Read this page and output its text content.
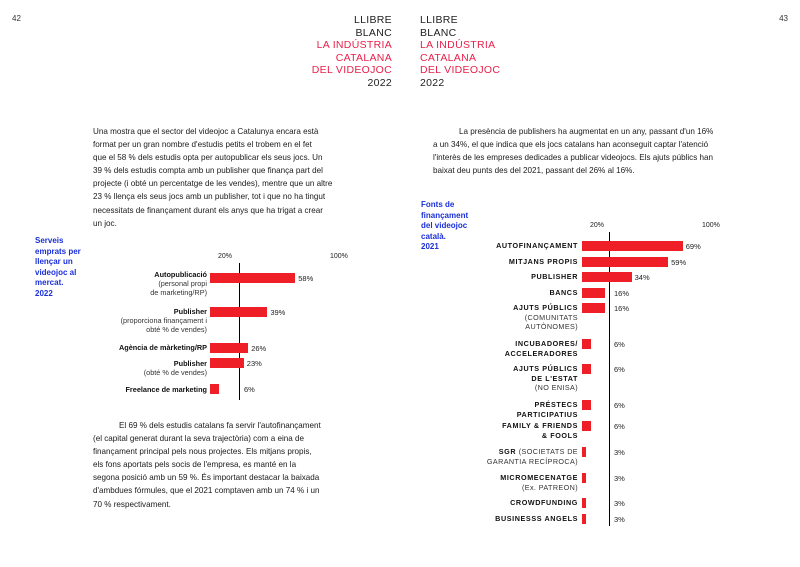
42	43
LLIBRE
BLANC
LA INDÚSTRIA
CATALANA
DEL VIDEOJOC
2022
LLIBRE
BLANC
LA INDÚSTRIA
CATALANA
DEL VIDEOJOC
2022
Una mostra que el sector del videojoc a Catalunya encara està
format per un gran nombre d'estudis petits el trobem en el fet
que el 58 % dels estudis opta per autopublicar els seus jocs. Un
39 % dels estudis compta amb un publisher que finança part del
projecte (i obté un percentatge de les vendes), mentre que un altre
23 % llença els seus jocs amb un publisher, tot i que no ha tingut
necessitats de finançament durant els anys que ha trigat a crear
un joc.
El 69 % dels estudis catalans fa servir l'autofinançament
(el capital generat durant la seva trajectòria) com a eina de
finançament principal pels nous projectes. Els mitjans propis,
els fons aportats pels socis de l'empresa, es manté en la
segona posició amb un 59 %. És important destacar la baixada
d'ambdues fórmules, que el 2021 comptaven amb un 74 % i un
70 % respectivament.
La presència de publishers ha augmentat en un any, passant d'un 16%
a un 34%, el que indica que els jocs catalans han aconseguit captar l'atenció
l'interès de les empreses dedicades a publicar videojocs. Els ajuts públics han
baixat deu punts des del 2021, passant del 26% al 16%.
Serveis
emprats per
llençar un
videojoc al
mercat.
2022
20%	100%
Autopublicació
(personal propi
de marketing/RP)
Publisher
(proporciona finançament i
obté % de vendes)
Agència de màrketing/RP
Publisher
(obté % de vendes)
Freelance de marketing
58%
39%
26%
23%
6%
Fonts de
finançament
del videojoc
català.
2021
20%	100%
AUTOFINANÇAMENT
MITJANS PROPIS
PUBLISHER
BANCS
AJUTS PÚBLICS
(COMUNITATS
AUTÒNOMES)
INCUBADORES/
ACCELERADORES
AJUTS PÚBLICS
DE L'ESTAT
(NO ENISA)
PRÉSTECS
PARTICIPATIUS
FAMILY & FRIENDS
& FOOLS
SGR (SOCIETATS DE
GARANTIA RECÍPROCA)
MICROMECENATGE
(Ex. PATREON)
CROWDFUNDING
BUSINESSS ANGELS
69%
59%
34%
16%
16%
6%
6%
6%
6%
3%
3%
3%
3%
